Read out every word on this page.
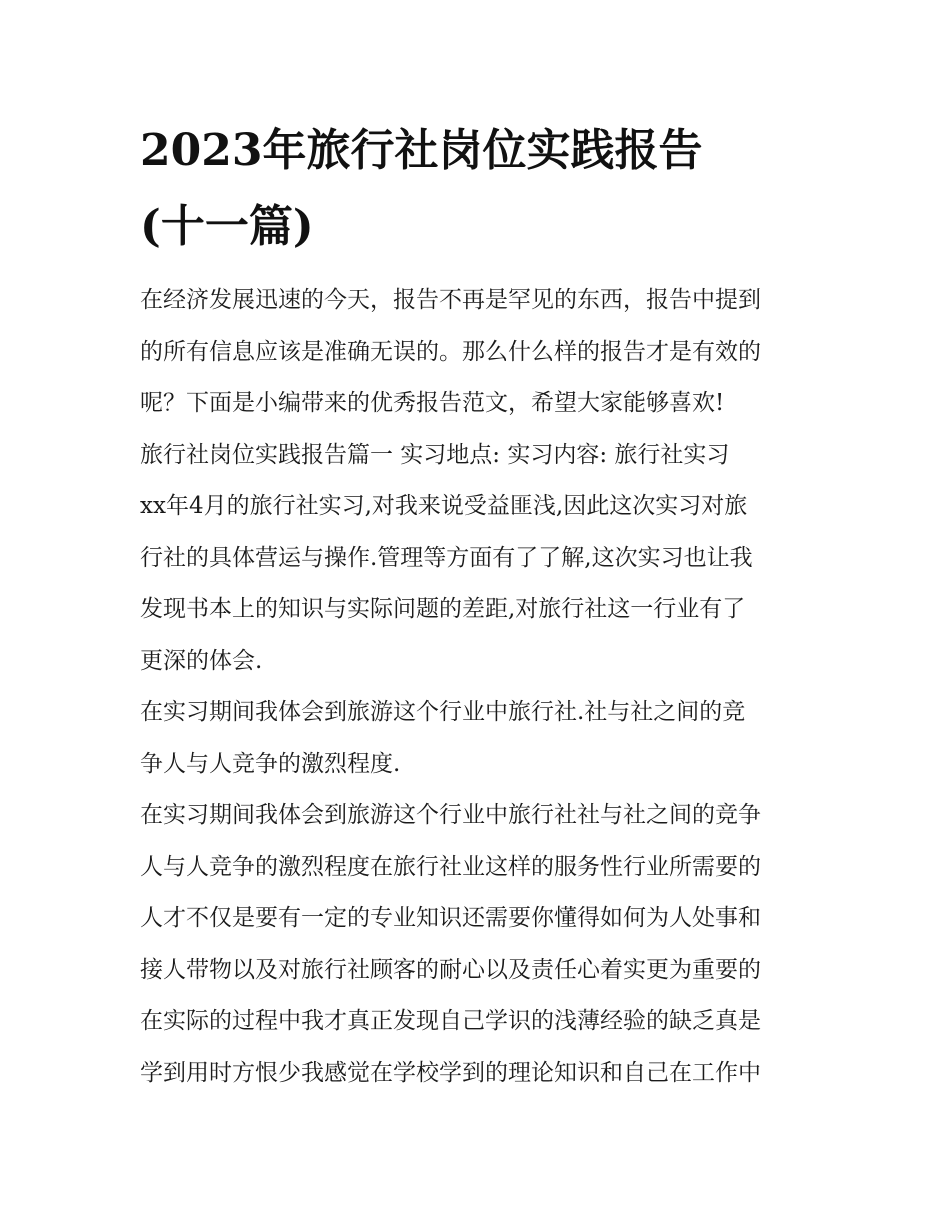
2023年旅行社岗位实践报告
(十一篇)
在经济发展迅速的今天，报告不再是罕见的东西，报告中提到
的所有信息应该是准确无误的。那么什么样的报告才是有效的
呢？下面是小编带来的优秀报告范文，希望大家能够喜欢!
旅行社岗位实践报告篇一 实习地点: 实习内容: 旅行社实习
xx年4月的旅行社实习,对我来说受益匪浅,因此这次实习对旅
行社的具体营运与操作.管理等方面有了了解,这次实习也让我
发现书本上的知识与实际问题的差距,对旅行社这一行业有了
更深的体会.
在实习期间我体会到旅游这个行业中旅行社.社与社之间的竞
争人与人竞争的激烈程度.
在实习期间我体会到旅游这个行业中旅行社社与社之间的竞争
人与人竞争的激烈程度在旅行社业这样的服务性行业所需要的
人才不仅是要有一定的专业知识还需要你懂得如何为人处事和
接人带物以及对旅行社顾客的耐心以及责任心着实更为重要的
在实际的过程中我才真正发现自己学识的浅薄经验的缺乏真是
学到用时方恨少我感觉在学校学到的理论知识和自己在工作中
